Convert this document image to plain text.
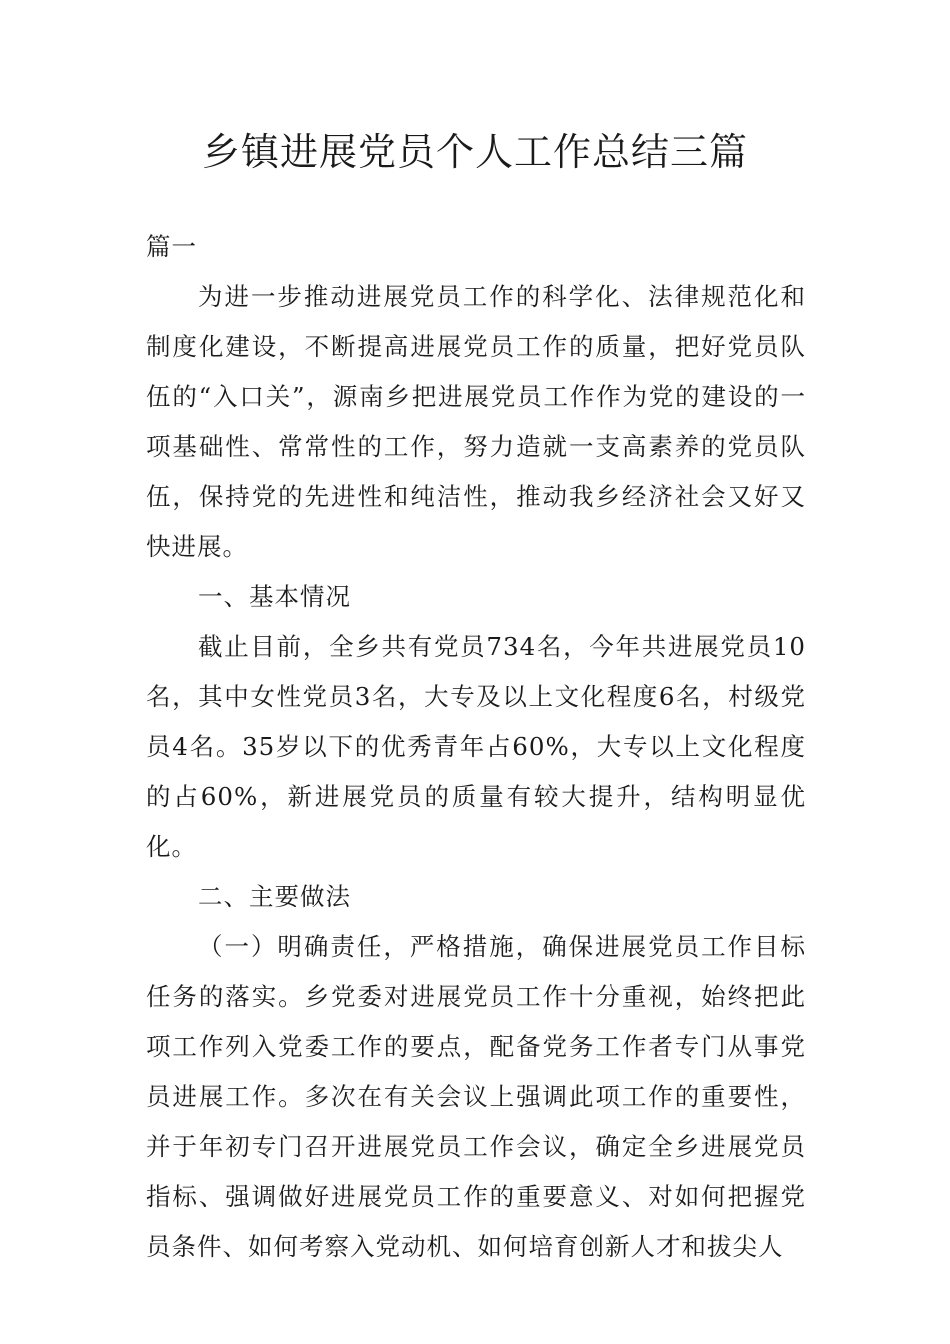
乡镇进展党员个人工作总结三篇

篇一

为进一步推动进展党员工作的科学化、法律规范化和制度化建设，不断提高进展党员工作的质量，把好党员队伍的“入口关”，源南乡把进展党员工作作为党的建设的一项基础性、常常性的工作，努力造就一支高素养的党员队伍，保持党的先进性和纯洁性，推动我乡经济社会又好又快进展。

一、基本情况

截止目前，全乡共有党员734名，今年共进展党员10名，其中女性党员3名，大专及以上文化程度6名，村级党员4名。35岁以下的优秀青年占60%，大专以上文化程度的占60%，新进展党员的质量有较大提升，结构明显优化。

二、主要做法

（一）明确责任，严格措施，确保进展党员工作目标任务的落实。乡党委对进展党员工作十分重视，始终把此项工作列入党委工作的要点，配备党务工作者专门从事党员进展工作。多次在有关会议上强调此项工作的重要性，并于年初专门召开进展党员工作会议，确定全乡进展党员指标、强调做好进展党员工作的重要意义、对如何把握党员条件、如何考察入党动机、如何培育创新人才和拔尖人
